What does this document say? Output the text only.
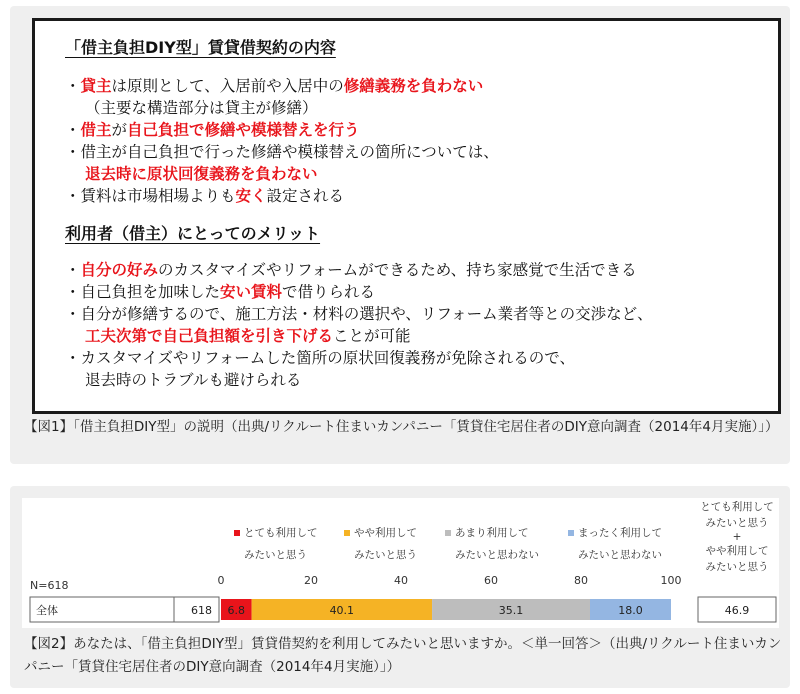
「借主負担DIY型」賃貸借契約の内容
・貸主は原則として、入居前や入居中の修繕義務を負わない
（主要な構造部分は貸主が修繕）
・借主が自己負担で修繕や模様替えを行う
・借主が自己負担で行った修繕や模様替えの箇所については、
退去時に原状回復義務を負わない
・賃料は市場相場よりも安く設定される
利用者（借主）にとってのメリット
・自分の好みのカスタマイズやリフォームができるため、持ち家感覚で生活できる
・自己負担を加味した安い賃料で借りられる
・自分が修繕するので、施工方法・材料の選択や、リフォーム業者等との交渉など、
工夫次第で自己負担額を引き下げることが可能
・カスタマイズやリフォームした箇所の原状回復義務が免除されるので、
退去時のトラブルも避けられる
【図1】「借主負担DIY型」の説明（出典/リクルート住まいカンパニー「賃貸住宅居住者のDIY意向調査（2014年4月実施）」）
とても利用して
みたいと思う
やや利用して
みたいと思う
あまり利用して
みたいと思わない
まったく利用して
みたいと思わない
N=618	0	20	40	60	80	100
全体	618 6.8	40.1	35.1	18.0
とても利用して
みたいと思う
+
やや利用して
みたいと思う
46.9
【図2】あなたは、「借主負担DIY型」賃貸借契約を利用してみたいと思いますか。＜単一回答＞（出典/リクルート住まいカンパニー「賃貸住宅居住者のDIY意向調査（2014年4月実施）」）
